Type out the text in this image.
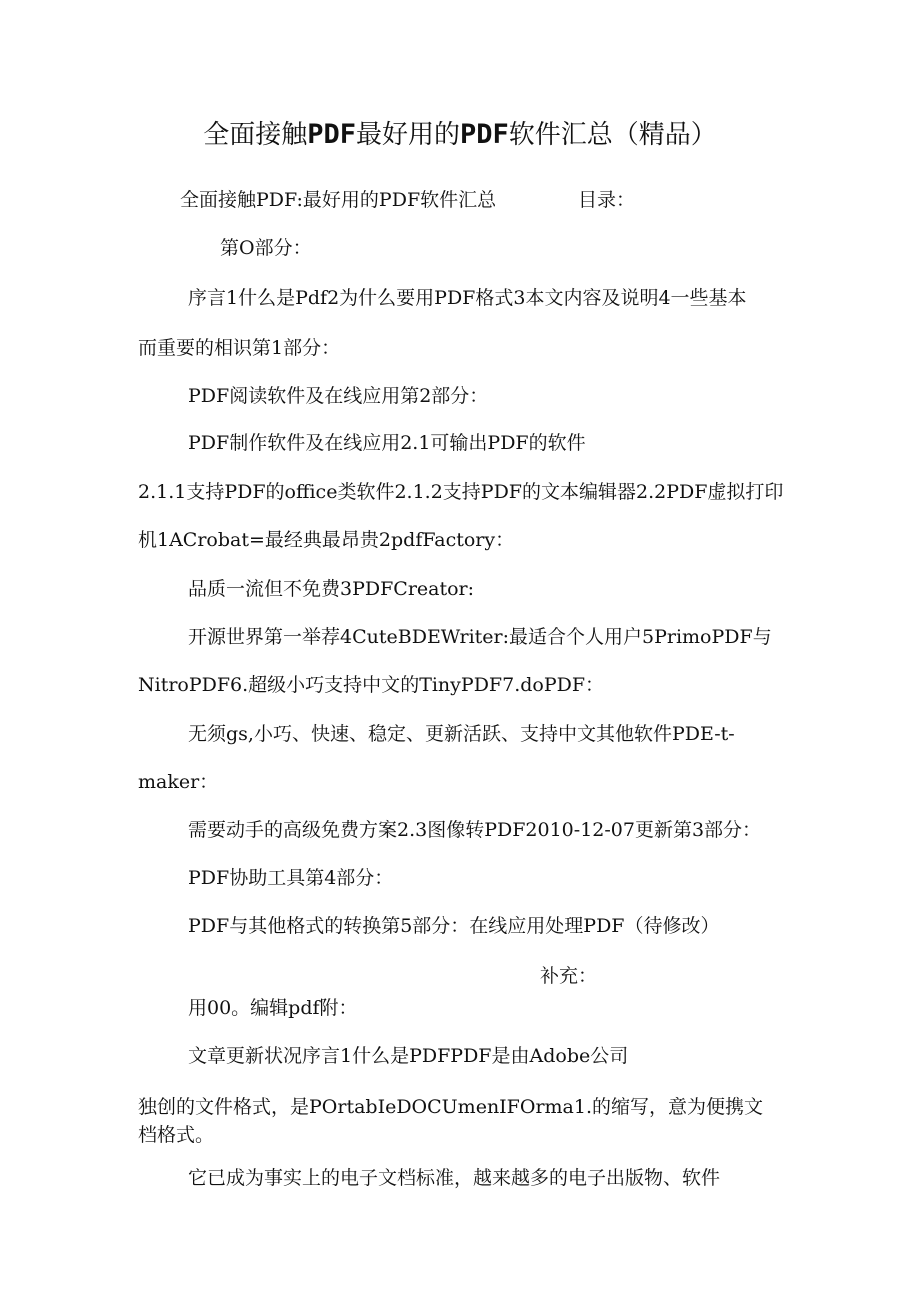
全面接触PDF最好用的PDF软件汇总（精品）
全面接触PDF:最好用的PDF软件汇总	目录：
第O部分：
序言1什么是Pdf2为什么要用PDF格式3本文内容及说明4一些基本
而重要的相识第1部分：
PDF阅读软件及在线应用第2部分：
PDF制作软件及在线应用2.1可输出PDF的软件
2.1.1支持PDF的office类软件2.1.2支持PDF的文本编辑器2.2PDF虚拟打印
机1ACrobat=最经典最昂贵2pdfFactory：
品质一流但不免费3PDFCreator:
开源世界第一举荐4CuteBDEWriter:最适合个人用户5PrimoPDF与
NitroPDF6.超级小巧支持中文的TinyPDF7.doPDF：
无须gs,小巧、快速、稳定、更新活跃、支持中文其他软件PDE-t-
maker：
需要动手的高级免费方案2.3图像转PDF2010-12-07更新第3部分：
PDF协助工具第4部分：
PDF与其他格式的转换第5部分：在线应用处理PDF（待修改）
补充：
用00。编辑pdf附：
文章更新状况序言1什么是PDFPDF是由Adobe公司
独创的文件格式，是POrtabIeDOCUmenIFOrma1.的缩写，意为便携文
档格式。
它已成为事实上的电子文档标准，越来越多的电子出版物、软件
